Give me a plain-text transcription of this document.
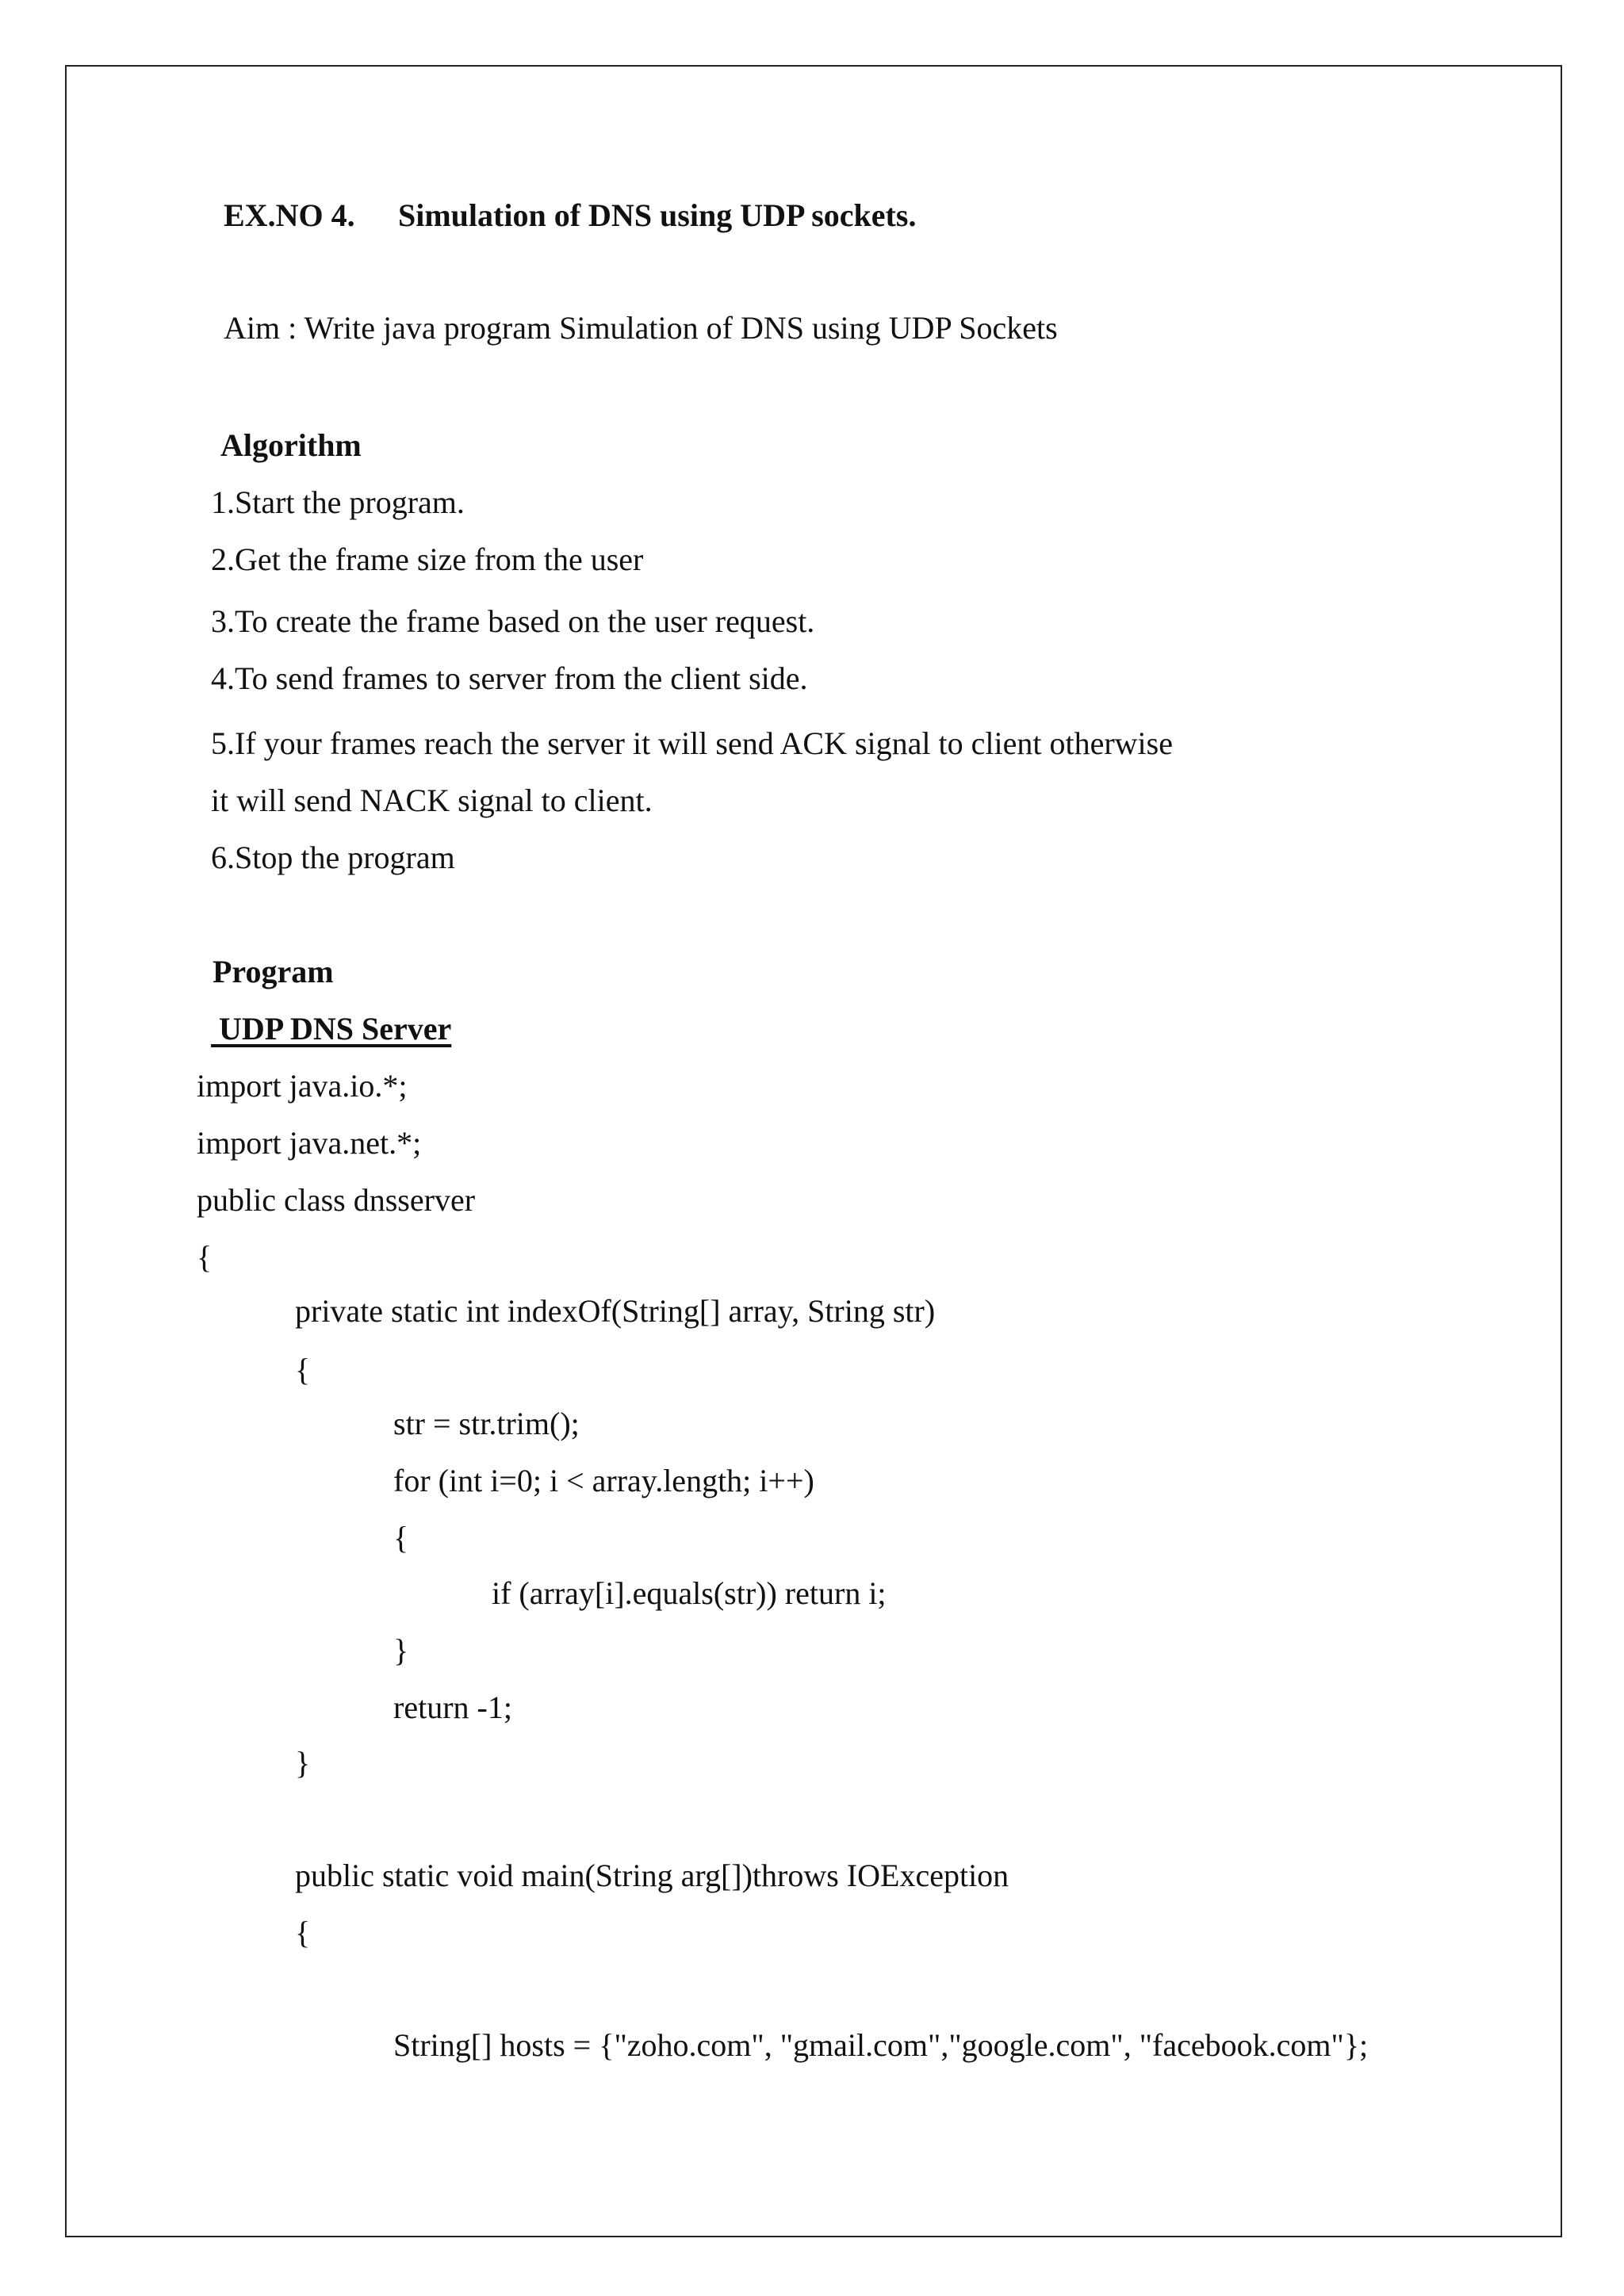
EX.NO 4. Simulation of DNS using UDP sockets.
Aim : Write java program Simulation of DNS using UDP Sockets
Algorithm
1.Start the program.
2.Get the frame size from the user
3.To create the frame based on the user request.
4.To send frames to server from the client side.
5.If your frames reach the server it will send ACK signal to client otherwise
it will send NACK signal to client.
6.Stop the program
Program
UDP DNS Server
import java.io.*;
import java.net.*;
public class dnsserver
{
private static int indexOf(String[] array, String str)
{
str = str.trim();
for (int i=0; i < array.length; i++)
{
if (array[i].equals(str)) return i;
}
return -1;
}
public static void main(String arg[])throws IOException
{
String[] hosts = {"zoho.com", "gmail.com","google.com", "facebook.com"};
